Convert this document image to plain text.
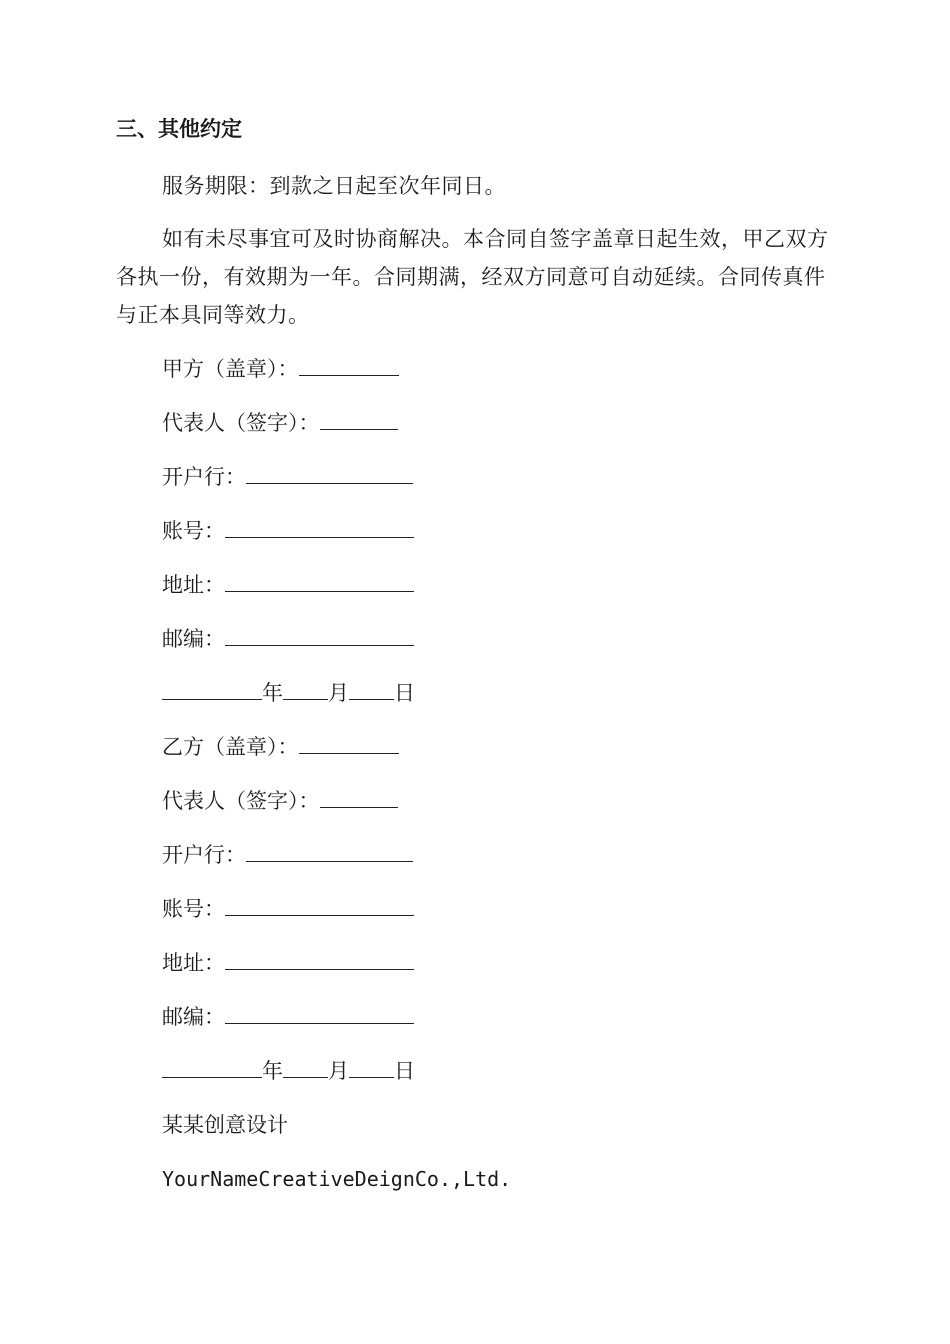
三、其他约定

服务期限：到款之日起至次年同日。

如有未尽事宜可及时协商解决。本合同自签字盖章日起生效，甲乙双方各执一份，有效期为一年。合同期满，经双方同意可自动延续。合同传真件与正本具同等效力。

甲方（盖章）：
代表人（签字）：
开户行：
账号：
地址：
邮编：
年 月 日
乙方（盖章）：
代表人（签字）：
开户行：
账号：
地址：
邮编：
年 月 日
某某创意设计
YourNameCreativeDeignCo.,Ltd.
